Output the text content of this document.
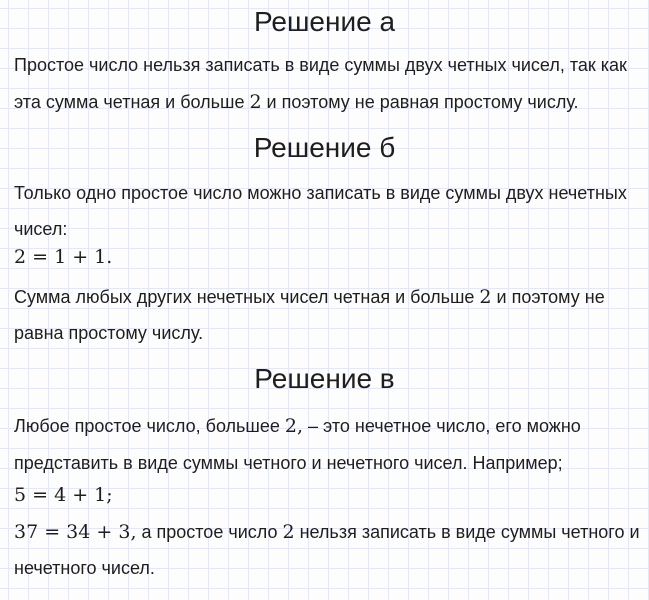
Решение а
Простое число нельзя записать в виде суммы двух четных чисел, так как
эта сумма четная и больше 2 и поэтому не равная простому числу.
Решение б
Только одно простое число можно записать в виде суммы двух нечетных
чисел:
2 = 1 + 1.
Сумма любых других нечетных чисел четная и больше 2 и поэтому не
равна простому числу.
Решение в
Любое простое число, большее 2, – это нечетное число, его можно
представить в виде суммы четного и нечетного чисел. Например;
5 = 4 + 1;
37 = 34 + 3, а простое число 2 нельзя записать в виде суммы четного и
нечетного чисел.
